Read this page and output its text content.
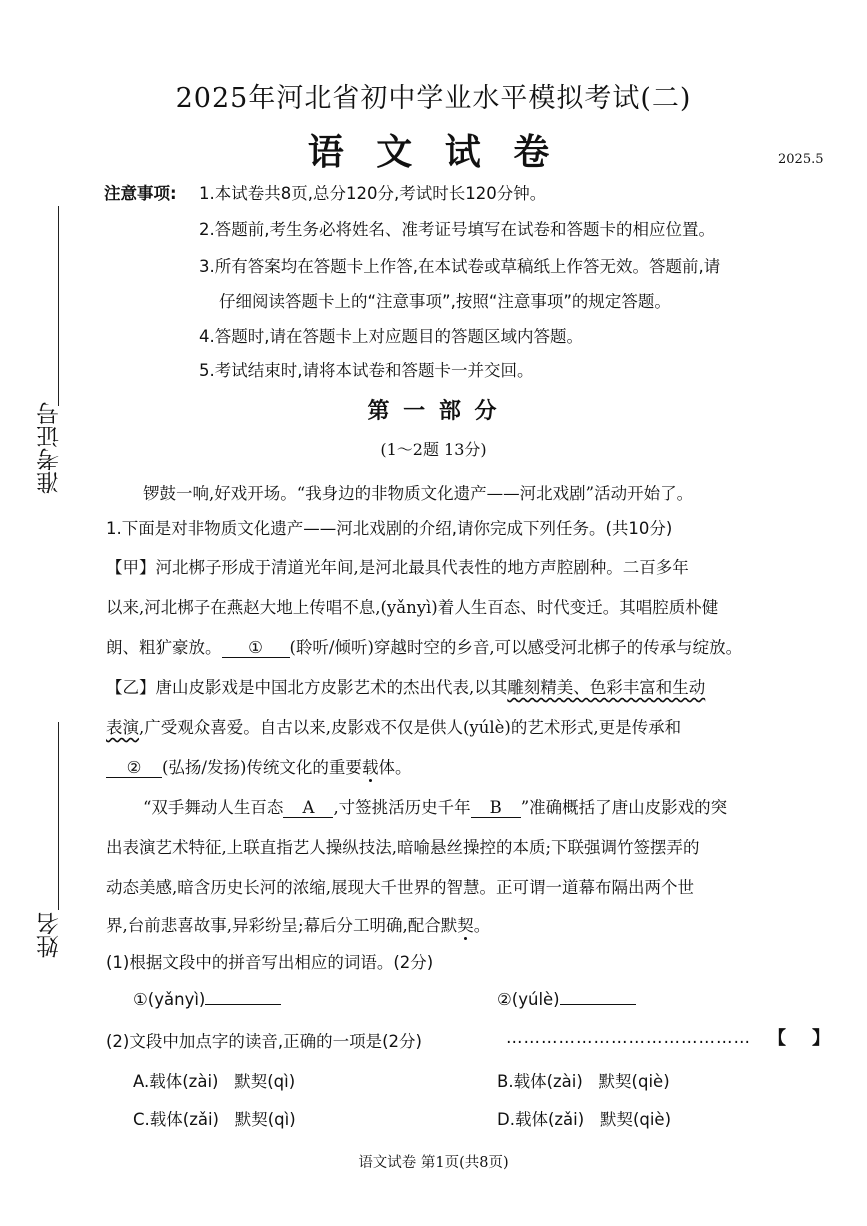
准考证号
姓名
2025年河北省初中学业水平模拟考试(二)
语 文 试 卷	2025.5
注意事项: 1.本试卷共8页,总分120分,考试时长120分钟。
2.答题前,考生务必将姓名、准考证号填写在试卷和答题卡的相应位置。
3.所有答案均在答题卡上作答,在本试卷或草稿纸上作答无效。答题前,请
仔细阅读答题卡上的“注意事项”,按照“注意事项”的规定答题。
4.答题时,请在答题卡上对应题目的答题区域内答题。
5.考试结束时,请将本试卷和答题卡一并交回。
第 一 部 分
(1～2题 13分)
锣鼓一响,好戏开场。“我身边的非物质文化遗产——河北戏剧”活动开始了。
1.下面是对非物质文化遗产——河北戏剧的介绍,请你完成下列任务。(共10分)
【甲】河北梆子形成于清道光年间,是河北最具代表性的地方声腔剧种。二百多年
以来,河北梆子在燕赵大地上传唱不息,(yǎnyì)着人生百态、时代变迁。其唱腔质朴健
朗、粗犷豪放。 ① (聆听/倾听)穿越时空的乡音,可以感受河北梆子的传承与绽放。
【乙】唐山皮影戏是中国北方皮影艺术的杰出代表,以其雕刻精美、色彩丰富和生动
表演,广受观众喜爱。自古以来,皮影戏不仅是供人(yúlè)的艺术形式,更是传承和
② (弘扬/发扬)传统文化的重要载体。
“双手舞动人生百态 A ,寸签挑活历史千年 B ”准确概括了唐山皮影戏的突
出表演艺术特征,上联直指艺人操纵技法,暗喻悬丝操控的本质;下联强调竹签摆弄的
动态美感,暗含历史长河的浓缩,展现大千世界的智慧。正可谓一道幕布隔出两个世
界,台前悲喜故事,异彩纷呈;幕后分工明确,配合默契。
(1)根据文段中的拼音写出相应的词语。(2分)
①(yǎnyì)	②(yúlè)
(2)文段中加点字的读音,正确的一项是(2分)	…………………………………… 【 】
A.载体(zài) 默契(qì)	B.载体(zài) 默契(qiè)
C.载体(zǎi) 默契(qì)	D.载体(zǎi) 默契(qiè)
语文试卷 第1页(共8页)
